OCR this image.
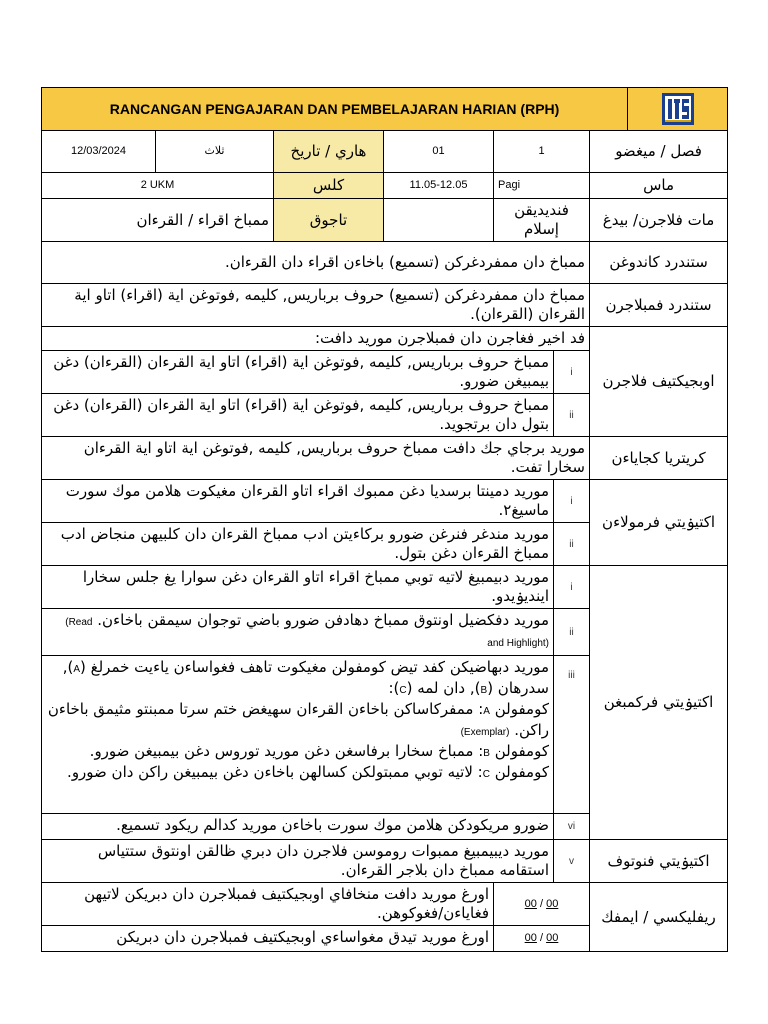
RANCANGAN PENGAJARAN DAN PEMBELAJARAN HARIAN (RPH)	

12/03/2024	ثلاث	هاري / تاريخ	01	1		فصل / ميغضو	
2 UKM		كلس	11.05-12.05	Pagi		ماس	
ممباخ اقراء / القرءان		تاجوق		فنديديقن إسلام		مات فلاجرن/ بيدغ	
ممباخ دان ممفردغركن (تسميع) باخاءن اقراء دان القرءان.						ستندرد كاندوغن	
ممباخ دان ممفردغركن (تسميع) حروف برباريس, كليمه ,فوتوغن اية (اقراء) اتاو اية القرءان (القرءان).						ستندرد فمبلاجرن	
فد اخير فغاجرن دان فمبلاجرن موريد دافت:						اوبجيكتيف فلاجرن	
ممباخ حروف برباريس, كليمه ,فوتوغن اية (اقراء) اتاو اية القرءان (القرءان) دغن بيمبيغن ضورو.					i		
ممباخ حروف برباريس, كليمه ,فوتوغن اية (اقراء) اتاو اية القرءان (القرءان) دغن بتول دان برتجويد.					ii		
موريد برجاي جك دافت ممباخ حروف برباريس, كليمه ,فوتوغن اية اتاو اية القرءان سخارا تفت.						كريتريا كجاياءن	
موريد دمينتا برسديا دغن ممبوك اقراء اتاو القرءان مغيكوت هلامن موك سورت ماسيغ٢.					i	اكتيۏيتي فرمولاءن	
موريد مندغر فنرغن ضورو برکاءيتن ادب ممباخ القرءان دان كلبيهن منجاض ادب ممباخ القرءان دغن بتول.					ii		
موريد دبيمبيغ لاتيه توبي ممباخ اقراء اتاو القرءان دغن سوارا يغ جلس سخارا اينديۏيدو.					i	اكتيۏيتي فركمبغن	
موريد دفكضيل اونتوق ممباخ دهادفن ضورو باضي توجوان سيمقن باخاءن. (Read and Highlight)					ii		

موريد دبهاضيكن كفد تيض كومفولن مغيكوت تاهف فغواساءن ياءيت خمرلغ (A), سدرهان (B), دان لمه (C):
كومفولن A: ممفركاساكن باخاءن القرءان سهيغض ختم سرتا ممبنتو مثيمق باخاءن راكن. (Exemplar)
كومفولن B: ممباخ سخارا برفاسغن دغن موريد توروس دغن بيمبيغن ضورو.
كومفولن C: لاتيه توبي ممبتولكن كسالهن باخاءن دغن بيمبيغن راكن دان ضورو.					iii		
ضورو مريكودكن هلامن موك سورت باخاءن موريد كدالم ريكود تسميع.					vi		
موريد ديبيمبيغ ممبوات روموسن فلاجرن دان دبري ظالقن اونتوق ستتياس استقامه ممباخ دان بلاجر القرءان.					v	اكتيۏيتي فنوتوف	
اورغ موريد دافت منخافاي اوبجيكتيف فمبلاجرن دان دبريكن لاتيهن فغاياءن/فغوكوهن.				00 / 00		ريفليكسي / ايمفك	
اورغ موريد تيدق مغواساءي اوبجيكتيف فمبلاجرن دان دبريكن				00 / 00			
